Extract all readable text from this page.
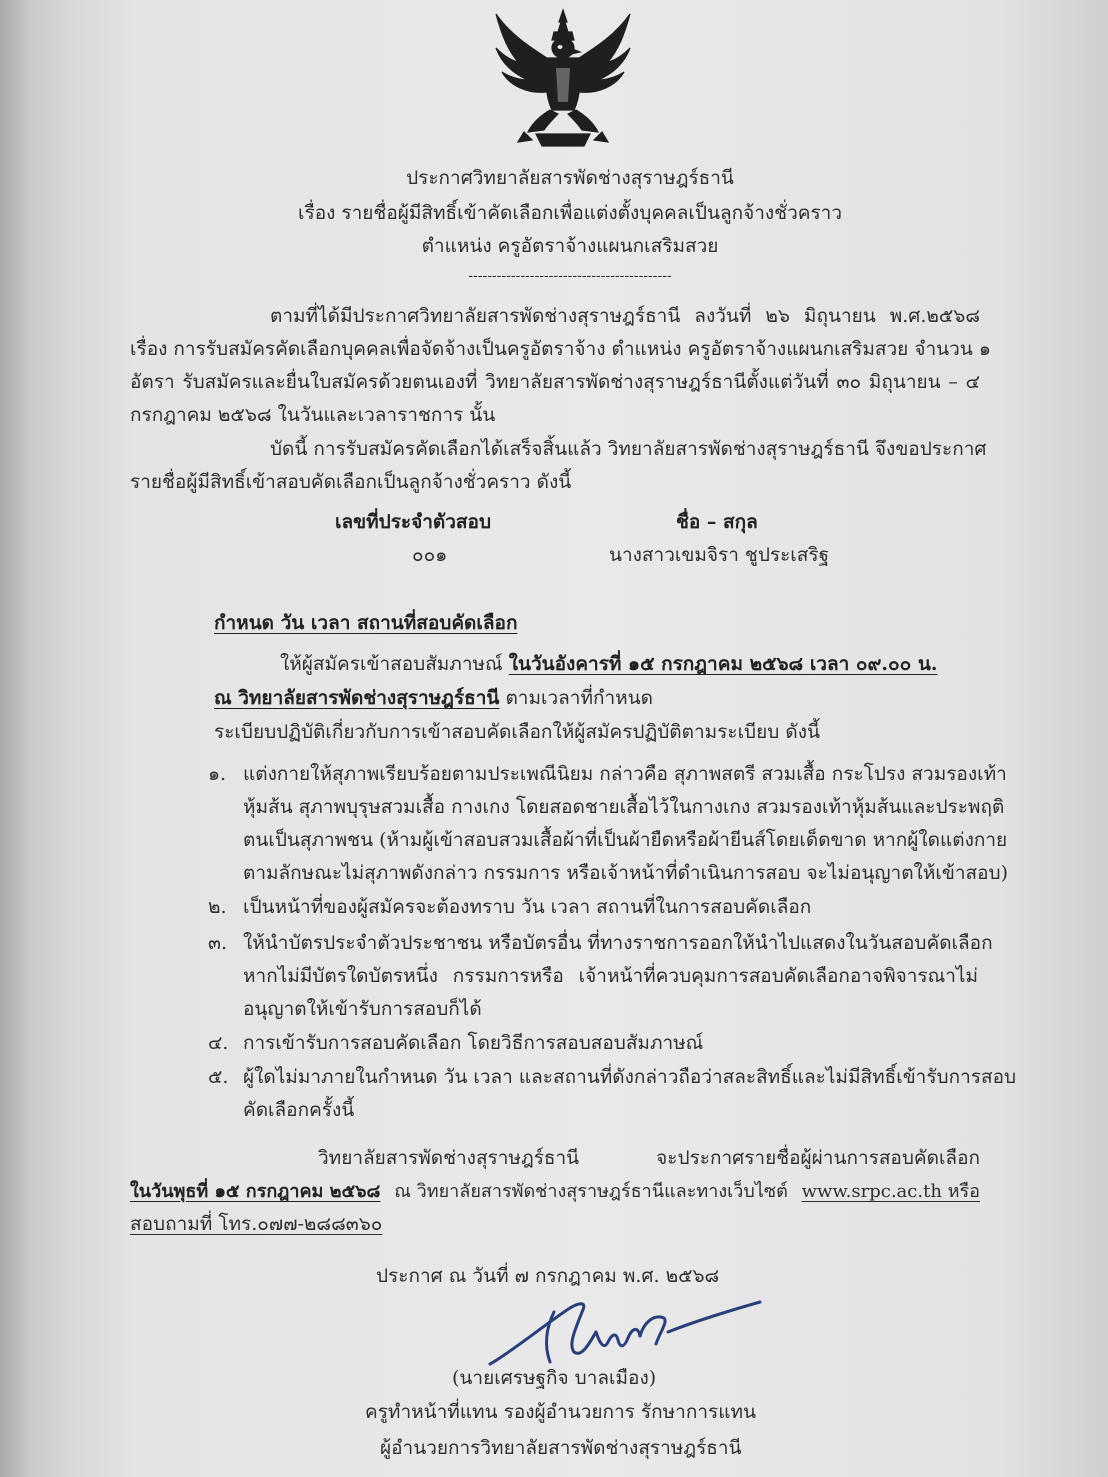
ประกาศวิทยาลัยสารพัดช่างสุราษฎร์ธานี
เรื่อง รายชื่อผู้มีสิทธิ์เข้าคัดเลือกเพื่อแต่งตั้งบุคคลเป็นลูกจ้างชั่วคราว
ตำแหน่ง ครูอัตราจ้างแผนกเสริมสวย
-------------------------------------------
ตามที่ได้มีประกาศวิทยาลัยสารพัดช่างสุราษฎร์ธานี ลงวันที่ ๒๖ มิถุนายน พ.ศ.๒๕๖๘
เรื่อง การรับสมัครคัดเลือกบุคคลเพื่อจัดจ้างเป็นครูอัตราจ้าง ตำแหน่ง ครูอัตราจ้างแผนกเสริมสวย จำนวน ๑
อัตรา รับสมัครและยื่นใบสมัครด้วยตนเองที่ วิทยาลัยสารพัดช่างสุราษฎร์ธานีตั้งแต่วันที่ ๓๐ มิถุนายน – ๔
กรกฎาคม ๒๕๖๘ ในวันและเวลาราชการ นั้น
บัดนี้ การรับสมัครคัดเลือกได้เสร็จสิ้นแล้ว วิทยาลัยสารพัดช่างสุราษฎร์ธานี จึงขอประกาศ
รายชื่อผู้มีสิทธิ์เข้าสอบคัดเลือกเป็นลูกจ้างชั่วคราว ดังนี้
เลขที่ประจำตัวสอบ	ชื่อ – สกุล
๐๐๑	นางสาวเขมจิรา ชูประเสริฐ
กำหนด วัน เวลา สถานที่สอบคัดเลือก
ให้ผู้สมัครเข้าสอบสัมภาษณ์ ในวันอังคารที่ ๑๕ กรกฎาคม ๒๕๖๘ เวลา ๐๙.๐๐ น.
ณ วิทยาลัยสารพัดช่างสุราษฎร์ธานี ตามเวลาที่กำหนด
ระเบียบปฏิบัติเกี่ยวกับการเข้าสอบคัดเลือกให้ผู้สมัครปฏิบัติตามระเบียบ ดังนี้
๑. แต่งกายให้สุภาพเรียบร้อยตามประเพณีนิยม กล่าวคือ สุภาพสตรี สวมเสื้อ กระโปรง สวมรองเท้า
หุ้มส้น สุภาพบุรุษสวมเสื้อ กางเกง โดยสอดชายเสื้อไว้ในกางเกง สวมรองเท้าหุ้มส้นและประพฤติ
ตนเป็นสุภาพชน (ห้ามผู้เข้าสอบสวมเสื้อผ้าที่เป็นผ้ายืดหรือผ้ายีนส์โดยเด็ดขาด หากผู้ใดแต่งกาย
ตามลักษณะไม่สุภาพดังกล่าว กรรมการ หรือเจ้าหน้าที่ดำเนินการสอบ จะไม่อนุญาตให้เข้าสอบ)
๒. เป็นหน้าที่ของผู้สมัครจะต้องทราบ วัน เวลา สถานที่ในการสอบคัดเลือก
๓. ให้นำบัตรประจำตัวประชาชน หรือบัตรอื่น ที่ทางราชการออกให้นำไปแสดงในวันสอบคัดเลือก
หากไม่มีบัตรใดบัตรหนึ่ง กรรมการหรือ เจ้าหน้าที่ควบคุมการสอบคัดเลือกอาจพิจารณาไม่
อนุญาตให้เข้ารับการสอบก็ได้
๔. การเข้ารับการสอบคัดเลือก โดยวิธีการสอบสอบสัมภาษณ์
๕. ผู้ใดไม่มาภายในกำหนด วัน เวลา และสถานที่ดังกล่าวถือว่าสละสิทธิ์และไม่มีสิทธิ์เข้ารับการสอบ
คัดเลือกครั้งนี้
วิทยาลัยสารพัดช่างสุราษฎร์ธานี จะประกาศรายชื่อผู้ผ่านการสอบคัดเลือก
ในวันพุธที่ ๑๕ กรกฎาคม ๒๕๖๘ ณ วิทยาลัยสารพัดช่างสุราษฎร์ธานีและทางเว็บไซต์ www.srpc.ac.th หรือ
สอบถามที่ โทร.๐๗๗-๒๘๘๓๖๐
ประกาศ ณ วันที่ ๗ กรกฎาคม พ.ศ. ๒๕๖๘
(นายเศรษฐกิจ บาลเมือง)
ครูทำหน้าที่แทน รองผู้อำนวยการ รักษาการแทน
ผู้อำนวยการวิทยาลัยสารพัดช่างสุราษฎร์ธานี
